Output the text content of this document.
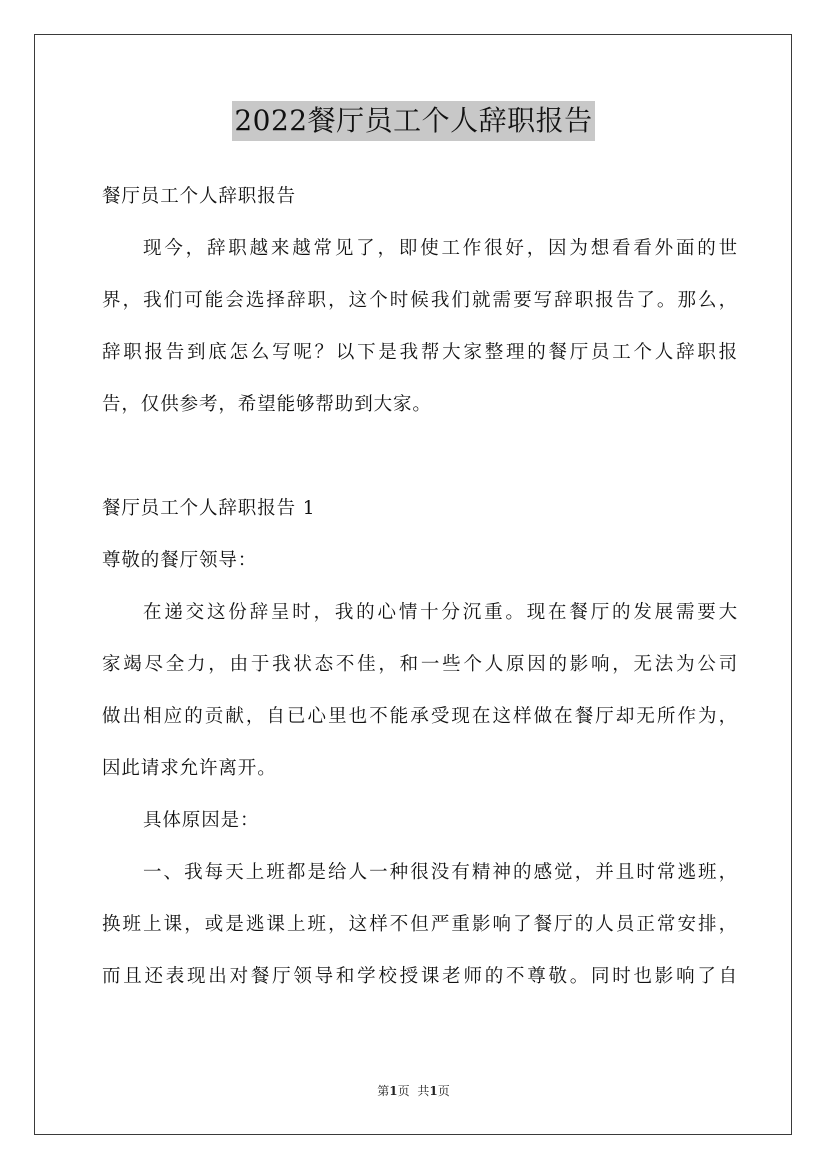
2022餐厅员工个人辞职报告
餐厅员工个人辞职报告
现今，辞职越来越常见了，即使工作很好，因为想看看外面的世
界，我们可能会选择辞职，这个时候我们就需要写辞职报告了。那么，
辞职报告到底怎么写呢？以下是我帮大家整理的餐厅员工个人辞职报
告，仅供参考，希望能够帮助到大家。
餐厅员工个人辞职报告 1
尊敬的餐厅领导：
在递交这份辞呈时，我的心情十分沉重。现在餐厅的发展需要大
家竭尽全力，由于我状态不佳，和一些个人原因的影响，无法为公司
做出相应的贡献，自已心里也不能承受现在这样做在餐厅却无所作为，
因此请求允许离开。
具体原因是：
一、我每天上班都是给人一种很没有精神的感觉，并且时常逃班，
换班上课，或是逃课上班，这样不但严重影响了餐厅的人员正常安排，
而且还表现出对餐厅领导和学校授课老师的不尊敬。同时也影响了自
第1页 共1页
